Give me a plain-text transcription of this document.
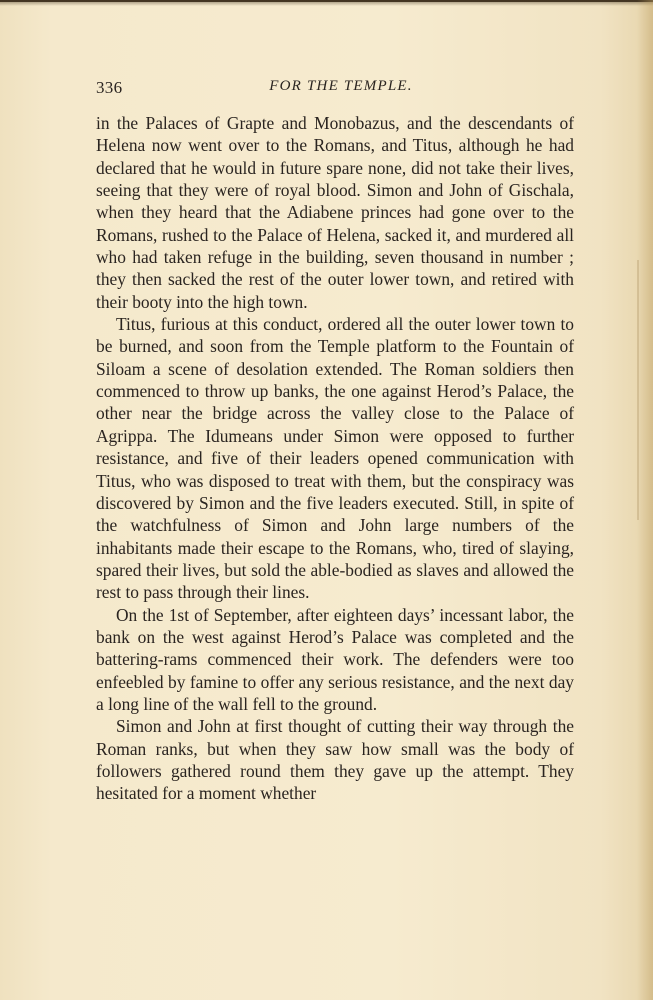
336	FOR THE TEMPLE.

in the Palaces of Grapte and Monobazus, and the descendants of Helena now went over to the Romans, and Titus, although he had declared that he would in future spare none, did not take their lives, seeing that they were of royal blood. Simon and John of Gischala, when they heard that the Adiabene princes had gone over to the Romans, rushed to the Palace of Helena, sacked it, and murdered all who had taken refuge in the building, seven thousand in number ; they then sacked the rest of the outer lower town, and retired with their booty into the high town.

Titus, furious at this conduct, ordered all the outer lower town to be burned, and soon from the Temple platform to the Fountain of Siloam a scene of desolation extended. The Roman soldiers then commenced to throw up banks, the one against Herod’s Palace, the other near the bridge across the valley close to the Palace of Agrippa. The Idumeans under Simon were opposed to further resistance, and five of their leaders opened communication with Titus, who was disposed to treat with them, but the conspiracy was discovered by Simon and the five leaders executed. Still, in spite of the watchfulness of Simon and John large numbers of the inhabitants made their escape to the Romans, who, tired of slaying, spared their lives, but sold the able-bodied as slaves and allowed the rest to pass through their lines.

On the 1st of September, after eighteen days’ incessant labor, the bank on the west against Herod’s Palace was completed and the battering-rams commenced their work. The defenders were too enfeebled by famine to offer any serious resistance, and the next day a long line of the wall fell to the ground.

Simon and John at first thought of cutting their way through the Roman ranks, but when they saw how small was the body of followers gathered round them they gave up the attempt. They hesitated for a moment whether
